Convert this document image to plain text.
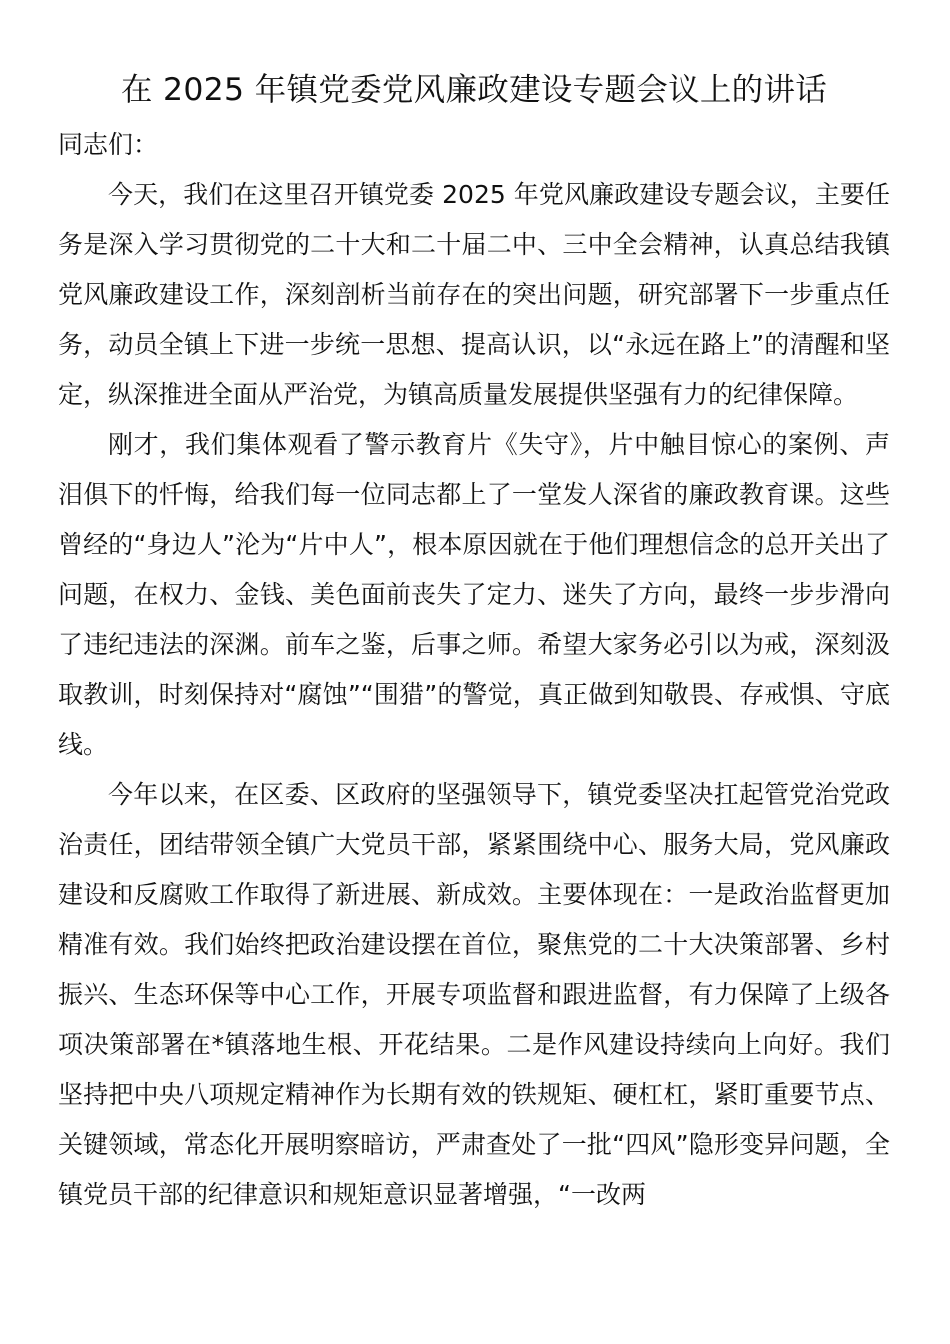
在 2025 年镇党委党风廉政建设专题会议上的讲话

同志们：

今天，我们在这里召开镇党委 2025 年党风廉政建设专题会议，主要任务是深入学习贯彻党的二十大和二十届二中、三中全会精神，认真总结我镇党风廉政建设工作，深刻剖析当前存在的突出问题，研究部署下一步重点任务，动员全镇上下进一步统一思想、提高认识，以“永远在路上”的清醒和坚定，纵深推进全面从严治党，为镇高质量发展提供坚强有力的纪律保障。

刚才，我们集体观看了警示教育片《失守》，片中触目惊心的案例、声泪俱下的忏悔，给我们每一位同志都上了一堂发人深省的廉政教育课。这些曾经的“身边人”沦为“片中人”，根本原因就在于他们理想信念的总开关出了问题，在权力、金钱、美色面前丧失了定力、迷失了方向，最终一步步滑向了违纪违法的深渊。前车之鉴，后事之师。希望大家务必引以为戒，深刻汲取教训，时刻保持对“腐蚀”“围猎”的警觉，真正做到知敬畏、存戒惧、守底线。

今年以来，在区委、区政府的坚强领导下，镇党委坚决扛起管党治党政治责任，团结带领全镇广大党员干部，紧紧围绕中心、服务大局，党风廉政建设和反腐败工作取得了新进展、新成效。主要体现在：一是政治监督更加精准有效。我们始终把政治建设摆在首位，聚焦党的二十大决策部署、乡村振兴、生态环保等中心工作，开展专项监督和跟进监督，有力保障了上级各项决策部署在*镇落地生根、开花结果。二是作风建设持续向上向好。我们坚持把中央八项规定精神作为长期有效的铁规矩、硬杠杠，紧盯重要节点、关键领域，常态化开展明察暗访，严肃查处了一批“四风”隐形变异问题，全镇党员干部的纪律意识和规矩意识显著增强，“一改两
